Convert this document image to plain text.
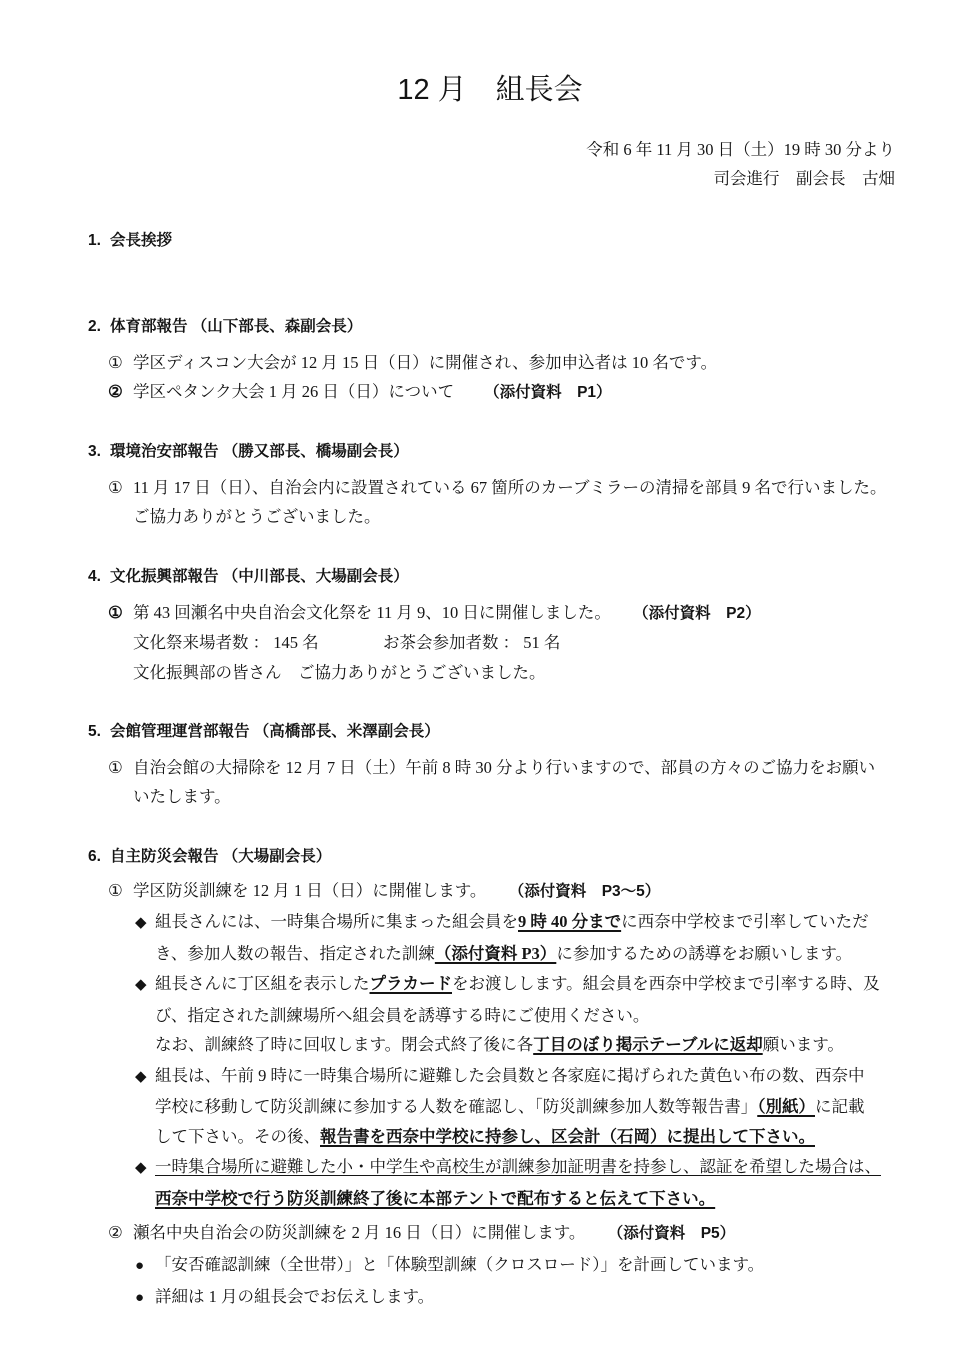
12 月　組長会
令和 6 年 11 月 30 日（土）19 時 30 分より
司会進行　副会長　古畑
1. 会長挨拶
2. 体育部報告 （山下部長、森副会長）
① 学区ディスコン大会が 12 月 15 日（日）に開催され、参加申込者は 10 名です。
② 学区ペタンク大会 1 月 26 日（日）について （添付資料　P1）
3. 環境治安部報告 （勝又部長、橋場副会長）
① 11 月 17 日（日）、自治会内に設置されている 67 箇所のカーブミラーの清掃を部員 9 名で行いました。
ご協力ありがとうございました。
4. 文化振興部報告 （中川部長、大場副会長）
① 第 43 回瀬名中央自治会文化祭を 11 月 9、10 日に開催しました。 （添付資料　P2）
文化祭来場者数 ： 145 名	お茶会参加者数 ： 51 名
文化振興部の皆さん　ご協力ありがとうございました。
5. 会館管理運営部報告 （高橋部長、米澤副会長）
① 自治会館の大掃除を 12 月 7 日（土）午前 8 時 30 分より行いますので、部員の方々のご協力をお願い
いたします。
6. 自主防災会報告 （大場副会長）
① 学区防災訓練を 12 月 1 日（日）に開催します。 （添付資料　P3～5）
◆ 組長さんには、一時集合場所に集まった組会員を9 時 40 分までに西奈中学校まで引率していただ
き、参加人数の報告、指定された訓練（添付資料 P3）に参加するための誘導をお願いします。
◆ 組長さんに丁区組を表示したプラカードをお渡しします。組会員を西奈中学校まで引率する時、及
び、指定された訓練場所へ組会員を誘導する時にご使用ください。
なお、訓練終了時に回収します。閉会式終了後に各丁目のぼり掲示テーブルに返却願います。
◆ 組長は、午前 9 時に一時集合場所に避難した会員数と各家庭に掲げられた黄色い布の数、西奈中
学校に移動して防災訓練に参加する人数を確認し、「防災訓練参加人数等報告書」（別紙）に記載
して下さい。その後、報告書を西奈中学校に持参し、区会計（石岡）に提出して下さい。
◆ 一時集合場所に避難した小・中学生や高校生が訓練参加証明書を持参し、認証を希望した場合は、
西奈中学校で行う防災訓練終了後に本部テントで配布すると伝えて下さい。
② 瀬名中央自治会の防災訓練を 2 月 16 日（日）に開催します。 （添付資料　P5）
● 「安否確認訓練（全世帯）」と「体験型訓練（クロスロード）」を計画しています。
● 詳細は 1 月の組長会でお伝えします。
